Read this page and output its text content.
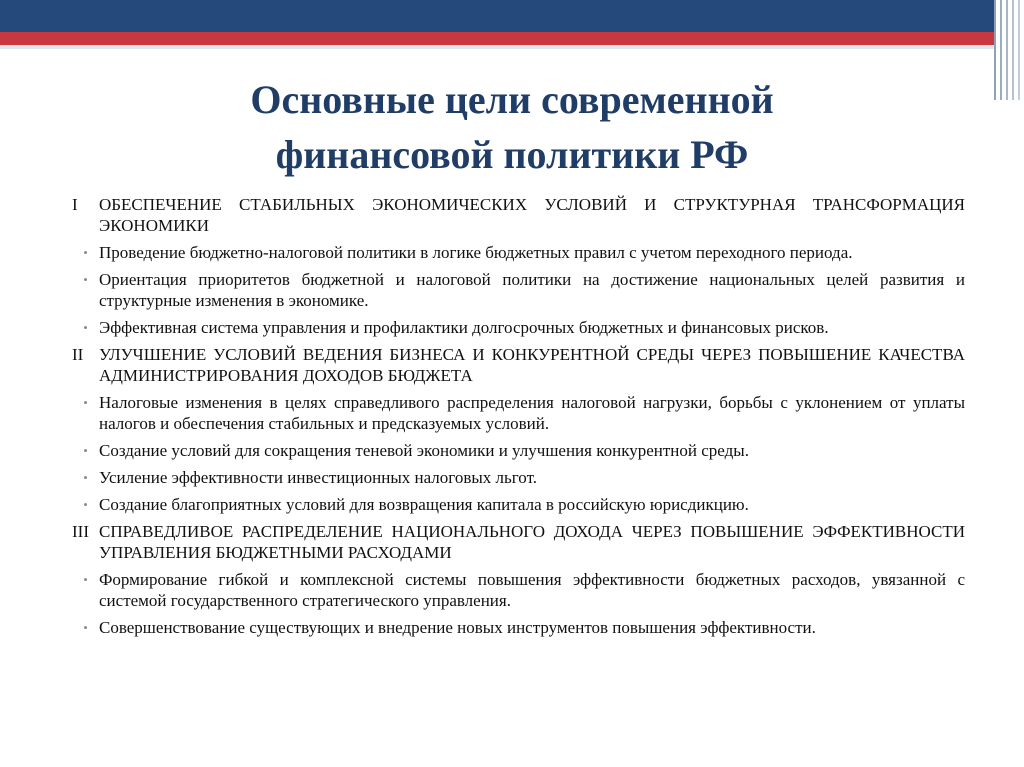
Основные цели современной
финансовой политики РФ
I	ОБЕСПЕЧЕНИЕ СТАБИЛЬНЫХ ЭКОНОМИЧЕСКИХ УСЛОВИЙ И СТРУКТУРНАЯ ТРАНСФОРМАЦИЯ ЭКОНОМИКИ
• Проведение бюджетно-налоговой политики в логике бюджетных правил с учетом переходного периода.
• Ориентация приоритетов бюджетной и налоговой политики на достижение национальных целей развития и структурные изменения в экономике.
• Эффективная система управления и профилактики долгосрочных бюджетных и финансовых рисков.
II УЛУЧШЕНИЕ УСЛОВИЙ ВЕДЕНИЯ БИЗНЕСА И КОНКУРЕНТНОЙ СРЕДЫ ЧЕРЕЗ ПОВЫШЕНИЕ КАЧЕСТВА АДМИНИСТРИРОВАНИЯ ДОХОДОВ БЮДЖЕТА
• Налоговые изменения в целях справедливого распределения налоговой нагрузки, борьбы с уклонением от уплаты налогов и обеспечения стабильных и предсказуемых условий.
• Создание условий для сокращения теневой экономики и улучшения конкурентной среды.
• Усиление эффективности инвестиционных налоговых льгот.
• Создание благоприятных условий для возвращения капитала в российскую юрисдикцию.
III СПРАВЕДЛИВОЕ РАСПРЕДЕЛЕНИЕ НАЦИОНАЛЬНОГО ДОХОДА ЧЕРЕЗ ПОВЫШЕНИЕ ЭФФЕКТИВНОСТИ УПРАВЛЕНИЯ БЮДЖЕТНЫМИ РАСХОДАМИ
• Формирование гибкой и комплексной системы повышения эффективности бюджетных расходов, увязанной с системой государственного стратегического управления.
• Совершенствование существующих и внедрение новых инструментов повышения эффективности.
